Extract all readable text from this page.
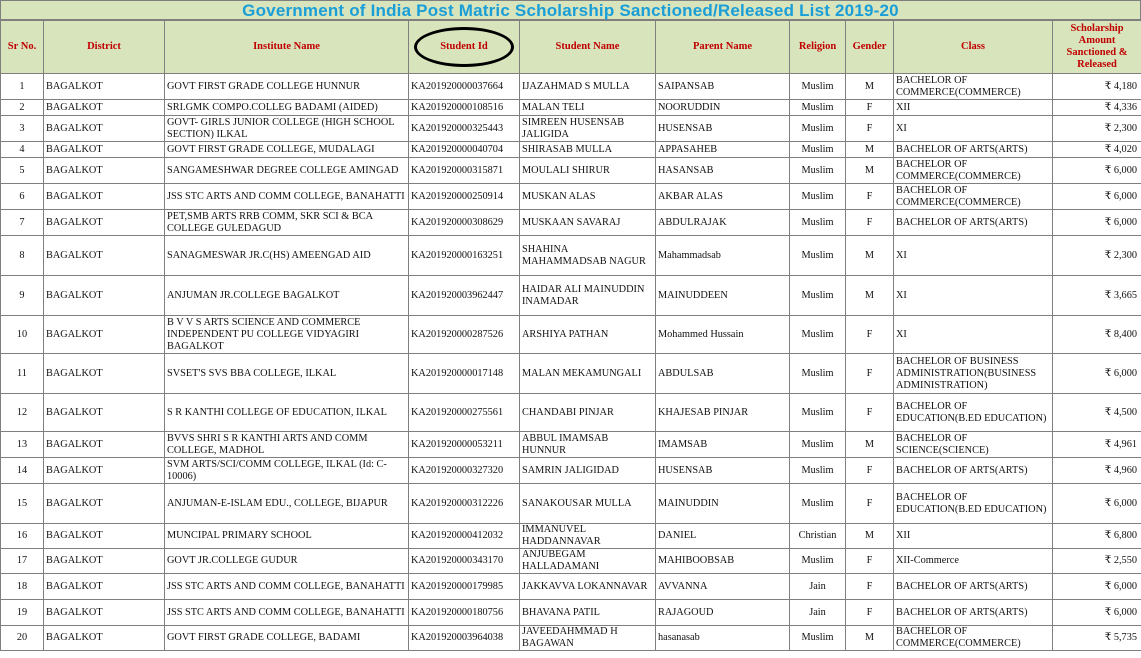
Government of India Post Matric Scholarship Sanctioned/Released List 2019-20
Sr No.	District	Institute Name	Student Id	Student Name	Parent Name	Religion	Gender	Class	Scholarship Amount Sanctioned & Released
1	BAGALKOT	GOVT FIRST GRADE COLLEGE HUNNUR	KA201920000037664	IJAZAHMAD S MULLA	SAIPANSAB	Muslim	M	BACHELOR OF COMMERCE(COMMERCE)	₹ 4,180
2	BAGALKOT	SRI.GMK COMPO.COLLEG BADAMI (AIDED)	KA201920000108516	MALAN TELI	NOORUDDIN	Muslim	F	XII	₹ 4,336
3	BAGALKOT	GOVT- GIRLS JUNIOR COLLEGE (HIGH SCHOOL SECTION) ILKAL	KA201920000325443	SIMREEN HUSENSAB JALIGIDA	HUSENSAB	Muslim	F	XI	₹ 2,300
4	BAGALKOT	GOVT FIRST GRADE COLLEGE, MUDALAGI	KA201920000040704	SHIRASAB MULLA	APPASAHEB	Muslim	M	BACHELOR OF ARTS(ARTS)	₹ 4,020
5	BAGALKOT	SANGAMESHWAR DEGREE COLLEGE AMINGAD	KA201920000315871	MOULALI SHIRUR	HASANSAB	Muslim	M	BACHELOR OF COMMERCE(COMMERCE)	₹ 6,000
6	BAGALKOT	JSS STC ARTS AND COMM COLLEGE, BANAHATTI	KA201920000250914	MUSKAN ALAS	AKBAR ALAS	Muslim	F	BACHELOR OF COMMERCE(COMMERCE)	₹ 6,000
7	BAGALKOT	PET,SMB ARTS RRB COMM, SKR SCI & BCA COLLEGE GULEDAGUD	KA201920000308629	MUSKAAN SAVARAJ	ABDULRAJAK	Muslim	F	BACHELOR OF ARTS(ARTS)	₹ 6,000
8	BAGALKOT	SANAGMESWAR JR.C(HS) AMEENGAD AID	KA201920000163251	SHAHINA MAHAMMADSAB NAGUR	Mahammadsab	Muslim	M	XI	₹ 2,300
9	BAGALKOT	ANJUMAN JR.COLLEGE BAGALKOT	KA201920003962447	HAIDAR ALI MAINUDDIN INAMADAR	MAINUDDEEN	Muslim	M	XI	₹ 3,665
10	BAGALKOT	B V V S ARTS SCIENCE AND COMMERCE INDEPENDENT PU COLLEGE VIDYAGIRI BAGALKOT	KA201920000287526	ARSHIYA PATHAN	Mohammed Hussain	Muslim	F	XI	₹ 8,400
11	BAGALKOT	SVSET'S SVS BBA COLLEGE, ILKAL	KA201920000017148	MALAN MEKAMUNGALI	ABDULSAB	Muslim	F	BACHELOR OF BUSINESS ADMINISTRATION(BUSINESS ADMINISTRATION)	₹ 6,000
12	BAGALKOT	S R KANTHI COLLEGE OF EDUCATION, ILKAL	KA201920000275561	CHANDABI PINJAR	KHAJESAB PINJAR	Muslim	F	BACHELOR OF EDUCATION(B.ED EDUCATION)	₹ 4,500
13	BAGALKOT	BVVS SHRI S R KANTHI ARTS AND COMM COLLEGE, MADHOL	KA201920000053211	ABBUL IMAMSAB HUNNUR	IMAMSAB	Muslim	M	BACHELOR OF SCIENCE(SCIENCE)	₹ 4,961
14	BAGALKOT	SVM ARTS/SCI/COMM COLLEGE, ILKAL (Id: C-10006)	KA201920000327320	SAMRIN JALIGIDAD	HUSENSAB	Muslim	F	BACHELOR OF ARTS(ARTS)	₹ 4,960
15	BAGALKOT	ANJUMAN-E-ISLAM EDU., COLLEGE, BIJAPUR	KA201920000312226	SANAKOUSAR MULLA	MAINUDDIN	Muslim	F	BACHELOR OF EDUCATION(B.ED EDUCATION)	₹ 6,000
16	BAGALKOT	MUNCIPAL PRIMARY SCHOOL	KA201920000412032	IMMANUVEL HADDANNAVAR	DANIEL	Christian	M	XII	₹ 6,800
17	BAGALKOT	GOVT JR.COLLEGE GUDUR	KA201920000343170	ANJUBEGAM HALLADAMANI	MAHIBOOBSAB	Muslim	F	XII-Commerce	₹ 2,550
18	BAGALKOT	JSS STC ARTS AND COMM COLLEGE, BANAHATTI	KA201920000179985	JAKKAVVA LOKANNAVAR	AVVANNA	Jain	F	BACHELOR OF ARTS(ARTS)	₹ 6,000
19	BAGALKOT	JSS STC ARTS AND COMM COLLEGE, BANAHATTI	KA201920000180756	BHAVANA PATIL	RAJAGOUD	Jain	F	BACHELOR OF ARTS(ARTS)	₹ 6,000
20	BAGALKOT	GOVT FIRST GRADE COLLEGE, BADAMI	KA201920003964038	JAVEEDAHMMAD H BAGAWAN	hasanasab	Muslim	M	BACHELOR OF COMMERCE(COMMERCE)	₹ 5,735
